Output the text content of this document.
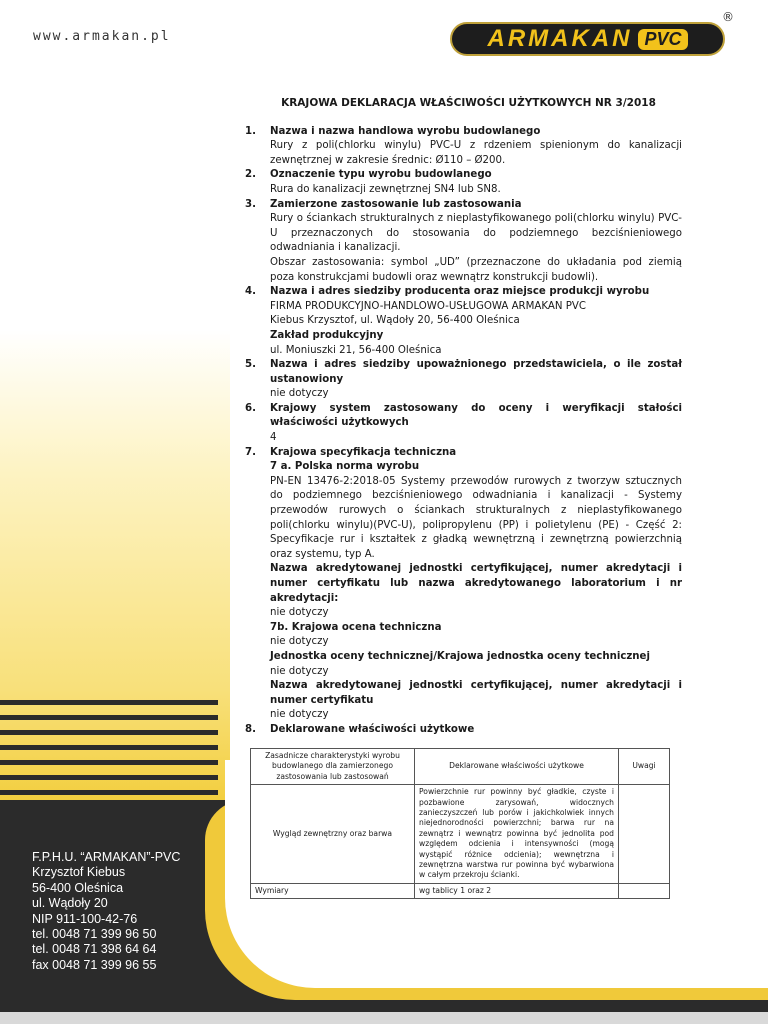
www.armakan.pl	ARMAKAN PVC
®
KRAJOWA DEKLARACJA WŁAŚCIWOŚCI UŻYTKOWYCH NR 3/2018
1.	Nazwa i nazwa handlowa wyrobu budowlanego
Rury z poli(chlorku winylu) PVC-U z rdzeniem spienionym do kanalizacji zewnętrznej w zakresie średnic: Ø110 – Ø200.
2.	Oznaczenie typu wyrobu budowlanego
Rura do kanalizacji zewnętrznej SN4 lub SN8.
3.	Zamierzone zastosowanie lub zastosowania
Rury o ściankach strukturalnych z nieplastyfikowanego poli(chlorku winylu) PVC-U przeznaczonych do stosowania do podziemnego bezciśnieniowego odwadniania i kanalizacji.
Obszar zastosowania: symbol „UD” (przeznaczone do układania pod ziemią poza konstrukcjami budowli oraz wewnątrz konstrukcji budowli).
4.	Nazwa i adres siedziby producenta oraz miejsce produkcji wyrobu
FIRMA PRODUKCYJNO-HANDLOWO-USŁUGOWA ARMAKAN PVC
Kiebus Krzysztof, ul. Wądoły 20, 56-400 Oleśnica
Zakład produkcyjny
ul. Moniuszki 21, 56-400 Oleśnica
5.	Nazwa i adres siedziby upoważnionego przedstawiciela, o ile został ustanowiony
nie dotyczy
6.	Krajowy system zastosowany do oceny i weryfikacji stałości właściwości użytkowych
4
7.	Krajowa specyfikacja techniczna
7 a. Polska norma wyrobu
PN-EN 13476-2:2018-05 Systemy przewodów rurowych z tworzyw sztucznych do podziemnego bezciśnieniowego odwadniania i kanalizacji - Systemy przewodów rurowych o ściankach strukturalnych z nieplastyfikowanego poli(chlorku winylu)(PVC-U), polipropylenu (PP) i polietylenu (PE) - Część 2: Specyfikacje rur i kształtek z gładką wewnętrzną i zewnętrzną powierzchnią oraz systemu, typ A.
Nazwa akredytowanej jednostki certyfikującej, numer akredytacji i numer certyfikatu lub nazwa akredytowanego laboratorium i nr akredytacji:
nie dotyczy
7b. Krajowa ocena techniczna
nie dotyczy
Jednostka oceny technicznej/Krajowa jednostka oceny technicznej
nie dotyczy
Nazwa akredytowanej jednostki certyfikującej, numer akredytacji i numer certyfikatu
nie dotyczy
8.	Deklarowane właściwości użytkowe
Zasadnicze charakterystyki wyrobu budowlanego dla zamierzonego zastosowania lub zastosowań	Deklarowane właściwości użytkowe	Uwagi
Wygląd zewnętrzny oraz barwa	Powierzchnie rur powinny być gładkie, czyste i pozbawione zarysowań, widocznych zanieczyszczeń lub porów i jakichkolwiek innych niejednorodności powierzchni; barwa rur na zewnątrz i wewnątrz powinna być jednolita pod względem odcienia i intensywności (mogą wystąpić różnice odcienia); wewnętrzna i zewnętrzna warstwa rur powinna być wybarwiona w całym przekroju ścianki.	
Wymiary	wg tablicy 1 oraz 2	
F.P.H.U. “ARMAKAN”-PVC
Krzysztof Kiebus
56-400 Oleśnica
ul. Wądoły 20
NIP 911-100-42-76
tel. 0048 71 399 96 50
tel. 0048 71 398 64 64
fax 0048 71 399 96 55
